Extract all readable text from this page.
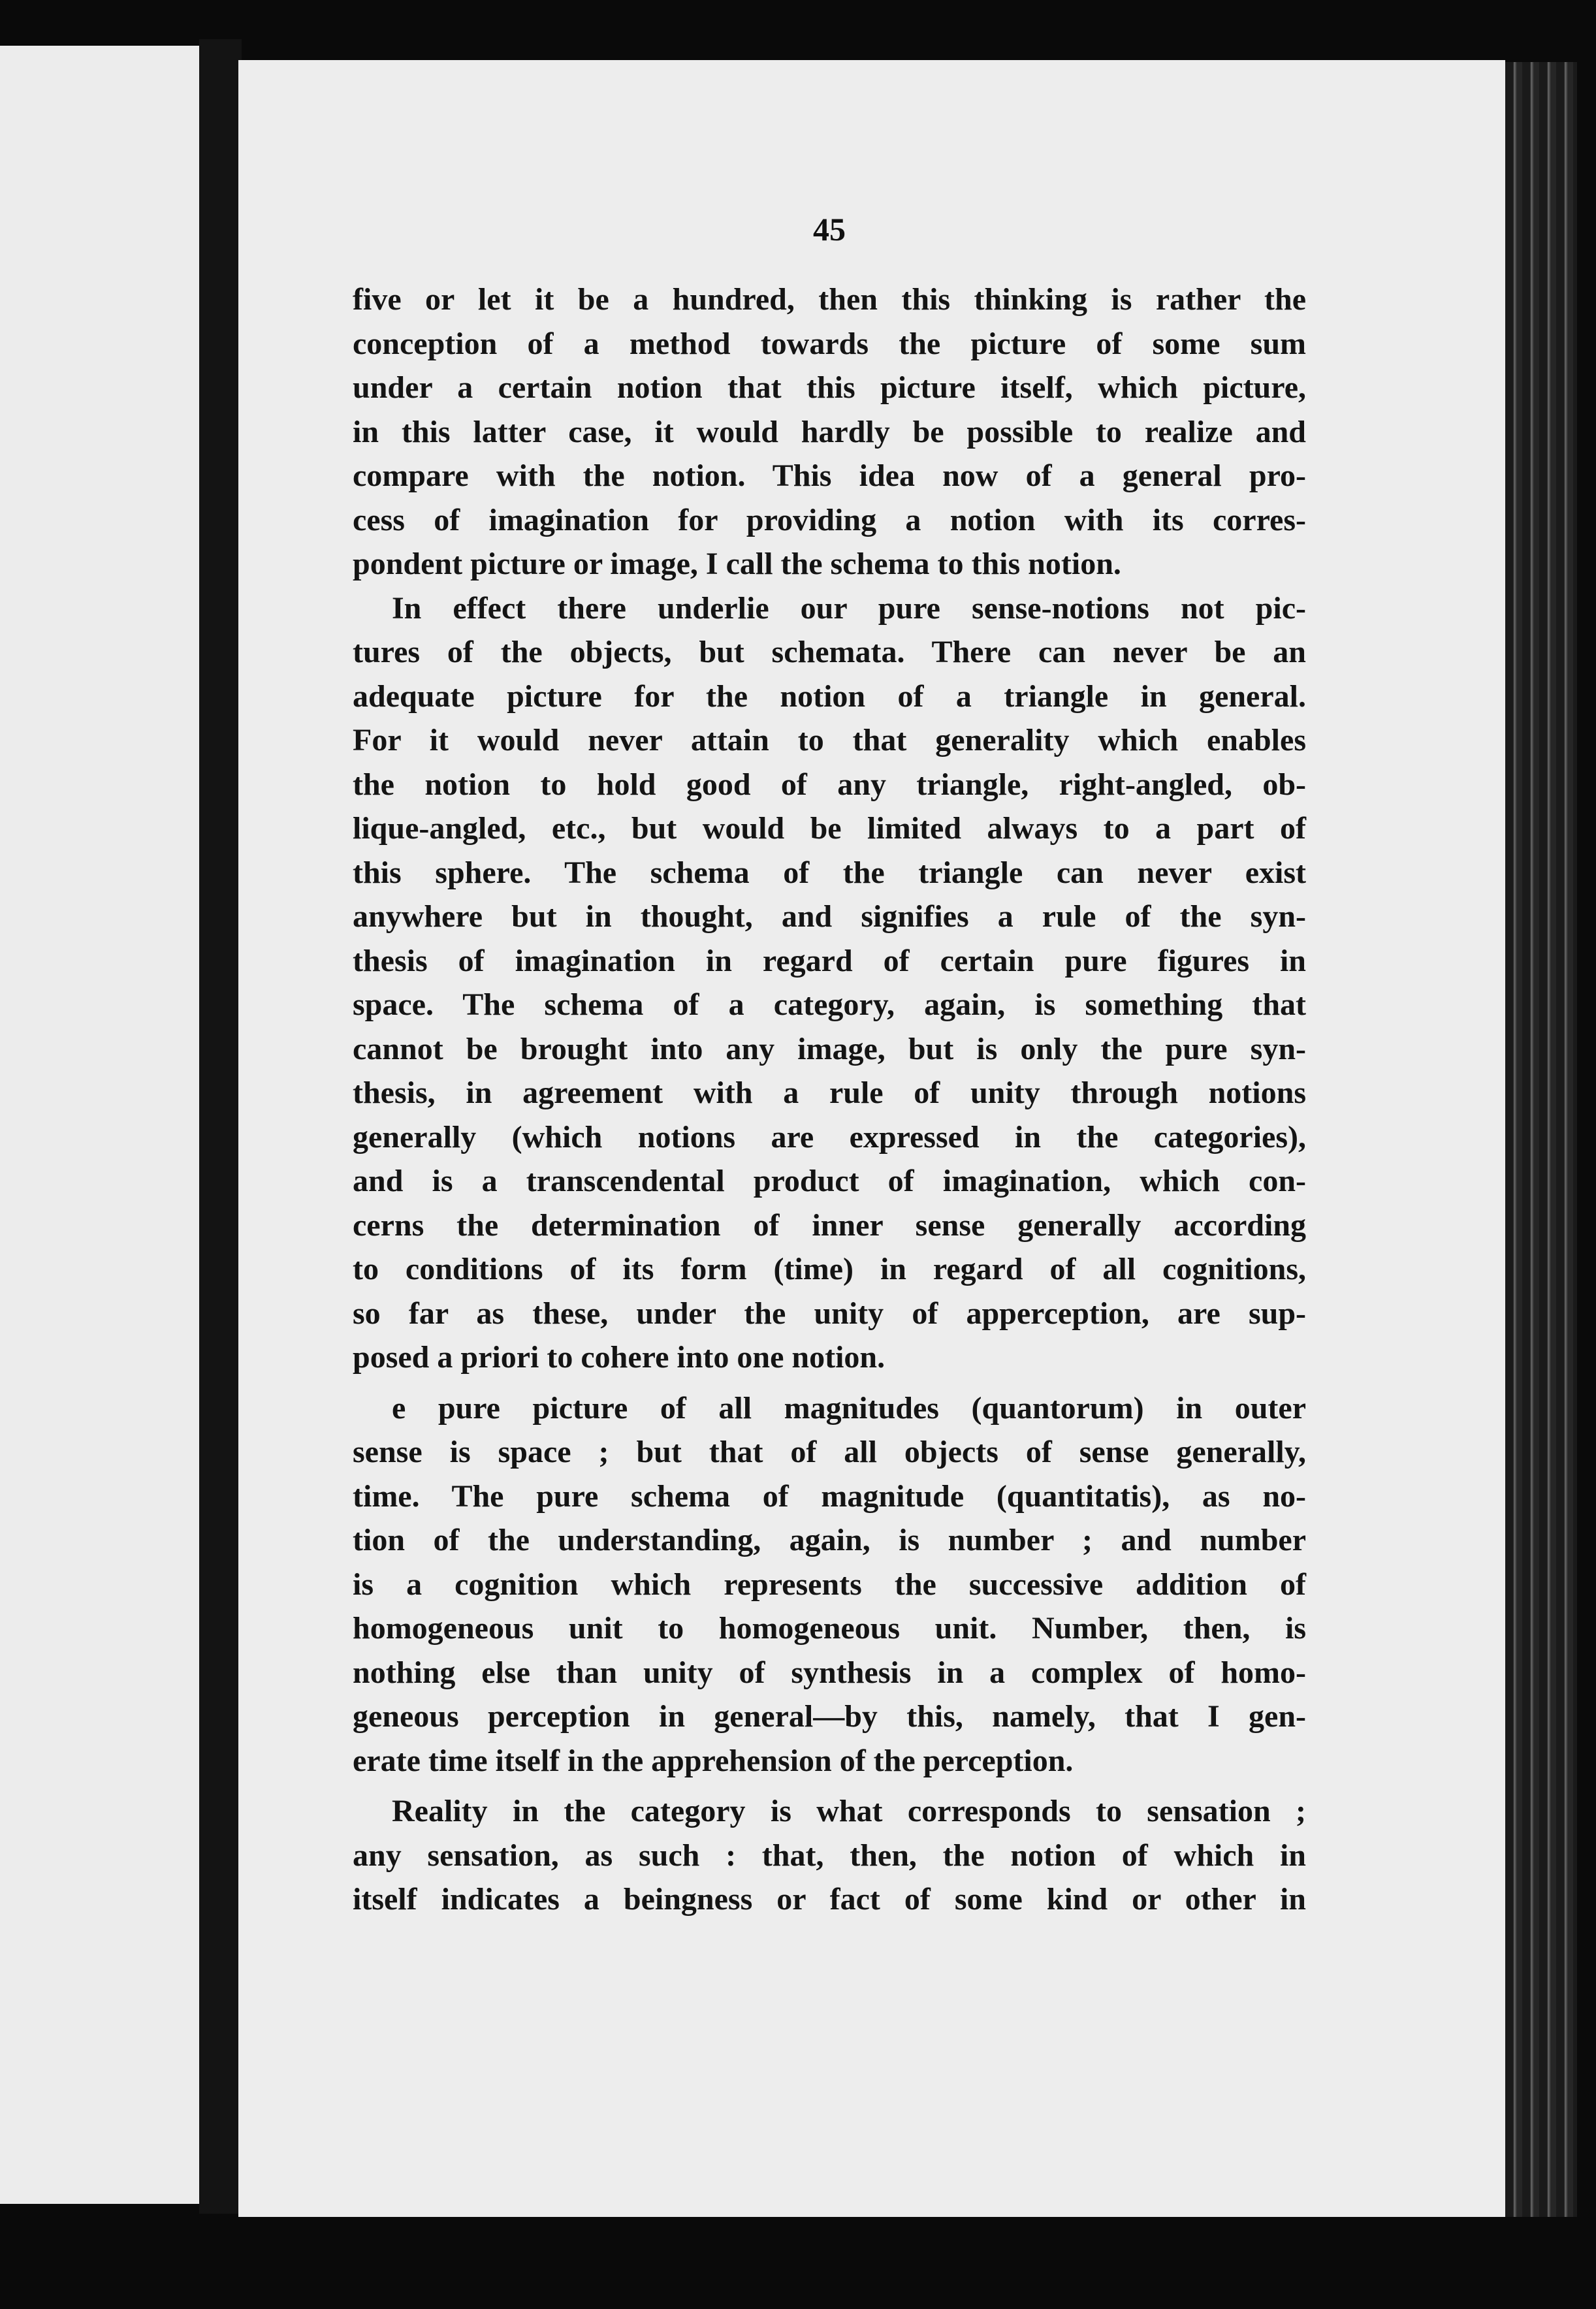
45
five or let it be a hundred, then this thinking is rather the
conception of a method towards the picture of some sum
under a certain notion that this picture itself, which picture,
in this latter case, it would hardly be possible to realize and
compare with the notion. This idea now of a general pro-
cess of imagination for providing a notion with its corres-
pondent picture or image, I call the schema to this notion.
In effect there underlie our pure sense-notions not pic-
tures of the objects, but schemata. There can never be an
adequate picture for the notion of a triangle in general.
For it would never attain to that generality which enables
the notion to hold good of any triangle, right-angled, ob-
lique-angled, etc., but would be limited always to a part of
this sphere. The schema of the triangle can never exist
anywhere but in thought, and signifies a rule of the syn-
thesis of imagination in regard of certain pure figures in
space. The schema of a category, again, is something that
cannot be brought into any image, but is only the pure syn-
thesis, in agreement with a rule of unity through notions
generally (which notions are expressed in the categories),
and is a transcendental product of imagination, which con-
cerns the determination of inner sense generally according
to conditions of its form (time) in regard of all cognitions,
so far as these, under the unity of apperception, are sup-
posed a priori to cohere into one notion.
e pure picture of all magnitudes (quantorum) in outer
sense is space ; but that of all objects of sense generally,
time. The pure schema of magnitude (quantitatis), as no-
tion of the understanding, again, is number ; and number
is a cognition which represents the successive addition of
homogeneous unit to homogeneous unit. Number, then, is
nothing else than unity of synthesis in a complex of homo-
geneous perception in general—by this, namely, that I gen-
erate time itself in the apprehension of the perception.
Reality in the category is what corresponds to sensation ;
any sensation, as such : that, then, the notion of which in
itself indicates a beingness or fact of some kind or other in
